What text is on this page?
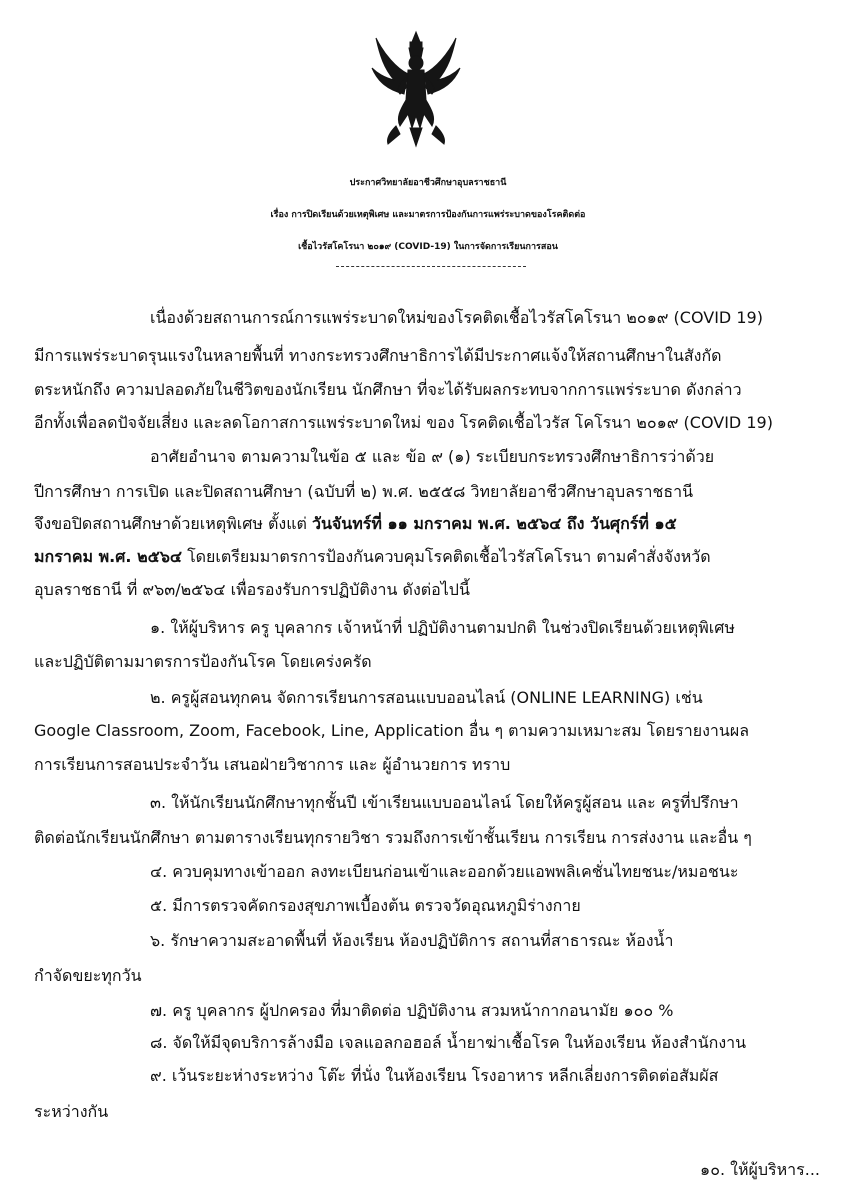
ประกาศวิทยาลัยอาชีวศึกษาอุบลราชธานี
เรื่อง การปิดเรียนด้วยเหตุพิเศษ และมาตรการป้องกันการแพร่ระบาดของโรคติดต่อ
เชื้อไวรัสโคโรนา ๒๐๑๙ (COVID-19) ในการจัดการเรียนการสอน
เนื่องด้วยสถานการณ์การแพร่ระบาดใหม่ของโรคติดเชื้อไวรัสโคโรนา ๒๐๑๙ (COVID 19)
มีการแพร่ระบาดรุนแรงในหลายพื้นที่ ทางกระทรวงศึกษาธิการได้มีประกาศแจ้งให้สถานศึกษาในสังกัด
ตระหนักถึง ความปลอดภัยในชีวิตของนักเรียน นักศึกษา ที่จะได้รับผลกระทบจากการแพร่ระบาด ดังกล่าว
อีกทั้งเพื่อลดปัจจัยเสี่ยง และลดโอกาสการแพร่ระบาดใหม่ ของ โรคติดเชื้อไวรัส โคโรนา ๒๐๑๙ (COVID 19)
อาศัยอำนาจ ตามความในข้อ ๕ และ ข้อ ๙ (๑) ระเบียบกระทรวงศึกษาธิการว่าด้วย
ปีการศึกษา การเปิด และปิดสถานศึกษา (ฉบับที่ ๒) พ.ศ. ๒๕๕๘ วิทยาลัยอาชีวศึกษาอุบลราชธานี
จึงขอปิดสถานศึกษาด้วยเหตุพิเศษ ตั้งแต่ วันจันทร์ที่ ๑๑ มกราคม พ.ศ. ๒๕๖๔ ถึง วันศุกร์ที่ ๑๕
มกราคม พ.ศ. ๒๕๖๔ โดยเตรียมมาตรการป้องกันควบคุมโรคติดเชื้อไวรัสโคโรนา ตามคำสั่งจังหวัด
อุบลราชธานี ที่ ๙๖๓/๒๕๖๔ เพื่อรองรับการปฏิบัติงาน ดังต่อไปนี้
๑. ให้ผู้บริหาร ครู บุคลากร เจ้าหน้าที่ ปฏิบัติงานตามปกติ ในช่วงปิดเรียนด้วยเหตุพิเศษ
และปฏิบัติตามมาตรการป้องกันโรค โดยเคร่งครัด
๒. ครูผู้สอนทุกคน จัดการเรียนการสอนแบบออนไลน์ (ONLINE LEARNING) เช่น
Google Classroom, Zoom, Facebook, Line, Application อื่น ๆ ตามความเหมาะสม โดยรายงานผล
การเรียนการสอนประจำวัน เสนอฝ่ายวิชาการ และ ผู้อำนวยการ ทราบ
๓. ให้นักเรียนนักศึกษาทุกชั้นปี เข้าเรียนแบบออนไลน์ โดยให้ครูผู้สอน และ ครูที่ปรึกษา
ติดต่อนักเรียนนักศึกษา ตามตารางเรียนทุกรายวิชา รวมถึงการเข้าชั้นเรียน การเรียน การส่งงาน และอื่น ๆ
๔. ควบคุมทางเข้าออก ลงทะเบียนก่อนเข้าและออกด้วยแอพพลิเคชั่นไทยชนะ/หมอชนะ
๕. มีการตรวจคัดกรองสุขภาพเบื้องต้น ตรวจวัดอุณหภูมิร่างกาย
๖. รักษาความสะอาดพื้นที่ ห้องเรียน ห้องปฏิบัติการ สถานที่สาธารณะ ห้องน้ำ
กำจัดขยะทุกวัน
๗. ครู บุคลากร ผู้ปกครอง ที่มาติดต่อ ปฏิบัติงาน สวมหน้ากากอนามัย ๑๐๐ %
๘. จัดให้มีจุดบริการล้างมือ เจลแอลกอฮอล์ น้ำยาฆ่าเชื้อโรค ในห้องเรียน ห้องสำนักงาน
๙. เว้นระยะห่างระหว่าง โต๊ะ ที่นั่ง ในห้องเรียน โรงอาหาร หลีกเลี่ยงการติดต่อสัมผัส
ระหว่างกัน
๑๐. ให้ผู้บริหาร...
